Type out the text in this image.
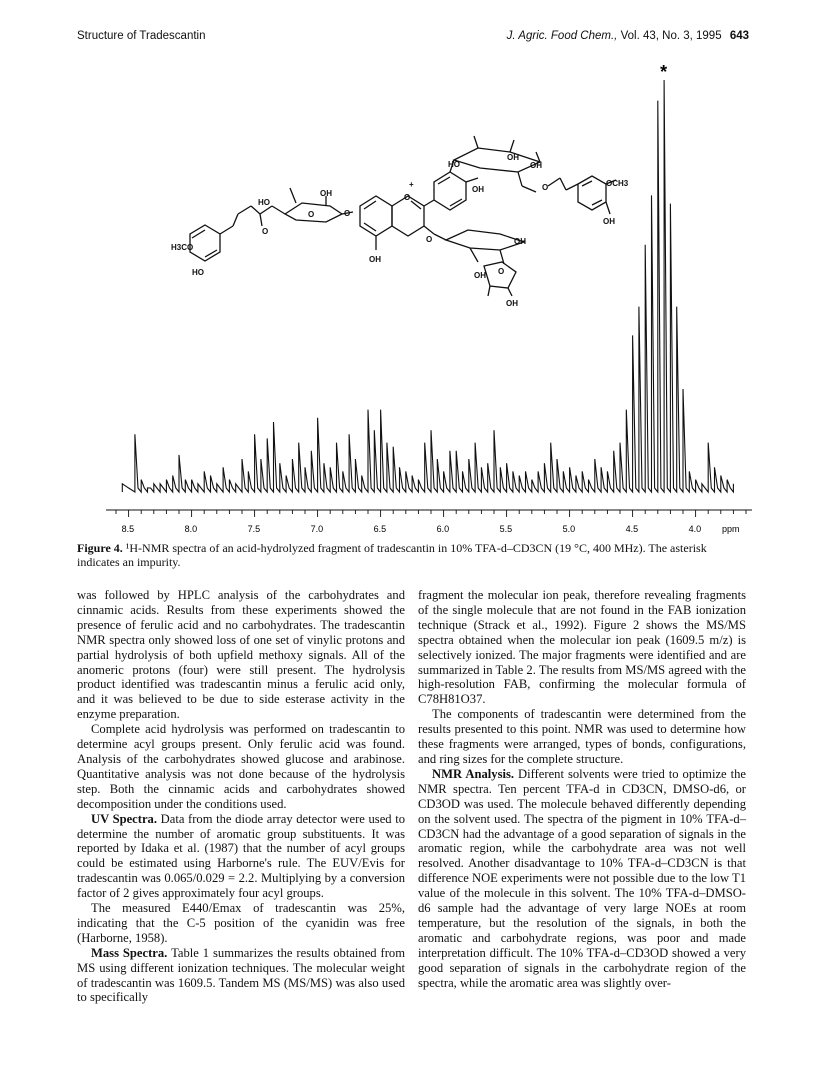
Structure of Tradescantin	J. Agric. Food Chem., Vol. 43, No. 3, 1995 643
H3CO
HO
O
HO
OH
O	O
O
+
OH
HO
OH
OH
OH	O	OCH3
OH
O	OH
OH
OH
O
*
8.5	8.0	7.5	7.0	6.5	6.0	5.5	5.0	4.5	4.0 ppm
Figure 4. ¹H-NMR spectra of an acid-hydrolyzed fragment of tradescantin in 10% TFA-d–CD3CN (19 °C, 400 MHz). The asterisk indicates an impurity.

was followed by HPLC analysis of the carbohydrates and cinnamic acids. Results from these experiments showed the presence of ferulic acid and no carbohydrates. The tradescantin NMR spectra only showed loss of one set of vinylic protons and partial hydrolysis of both upfield methoxy signals. All of the anomeric protons (four) were still present. The hydrolysis product identified was tradescantin minus a ferulic acid only, and it was believed to be due to side esterase activity in the enzyme preparation.

Complete acid hydrolysis was performed on tradescantin to determine acyl groups present. Only ferulic acid was found. Analysis of the carbohydrates showed glucose and arabinose. Quantitative analysis was not done because of the hydrolysis step. Both the cinnamic acids and carbohydrates showed decomposition under the conditions used.

UV Spectra. Data from the diode array detector were used to determine the number of aromatic group substituents. It was reported by Idaka et al. (1987) that the number of acyl groups could be estimated using Harborne's rule. The EUV/Evis for tradescantin was 0.065/0.029 = 2.2. Multiplying by a conversion factor of 2 gives approximately four acyl groups.

The measured E440/Emax of tradescantin was 25%, indicating that the C-5 position of the cyanidin was free (Harborne, 1958).

Mass Spectra. Table 1 summarizes the results obtained from MS using different ionization techniques. The molecular weight of tradescantin was 1609.5. Tandem MS (MS/MS) was also used to specifically

fragment the molecular ion peak, therefore revealing fragments of the single molecule that are not found in the FAB ionization technique (Strack et al., 1992). Figure 2 shows the MS/MS spectra obtained when the molecular ion peak (1609.5 m/z) is selectively ionized. The major fragments were identified and are summarized in Table 2. The results from MS/MS agreed with the high-resolution FAB, confirming the molecular formula of C78H81O37.

The components of tradescantin were determined from the results presented to this point. NMR was used to determine how these fragments were arranged, types of bonds, configurations, and ring sizes for the complete structure.

NMR Analysis. Different solvents were tried to optimize the NMR spectra. Ten percent TFA-d in CD3CN, DMSO-d6, or CD3OD was used. The molecule behaved differently depending on the solvent used. The spectra of the pigment in 10% TFA-d–CD3CN had the advantage of a good separation of signals in the aromatic region, while the carbohydrate area was not well resolved. Another disadvantage to 10% TFA-d–CD3CN is that difference NOE experiments were not possible due to the low T1 value of the molecule in this solvent. The 10% TFA-d–DMSO-d6 sample had the advantage of very large NOEs at room temperature, but the resolution of the signals, in both the aromatic and carbohydrate regions, was poor and made interpretation difficult. The 10% TFA-d–CD3OD showed a very good separation of signals in the carbohydrate region of the spectra, while the aromatic area was slightly over-
